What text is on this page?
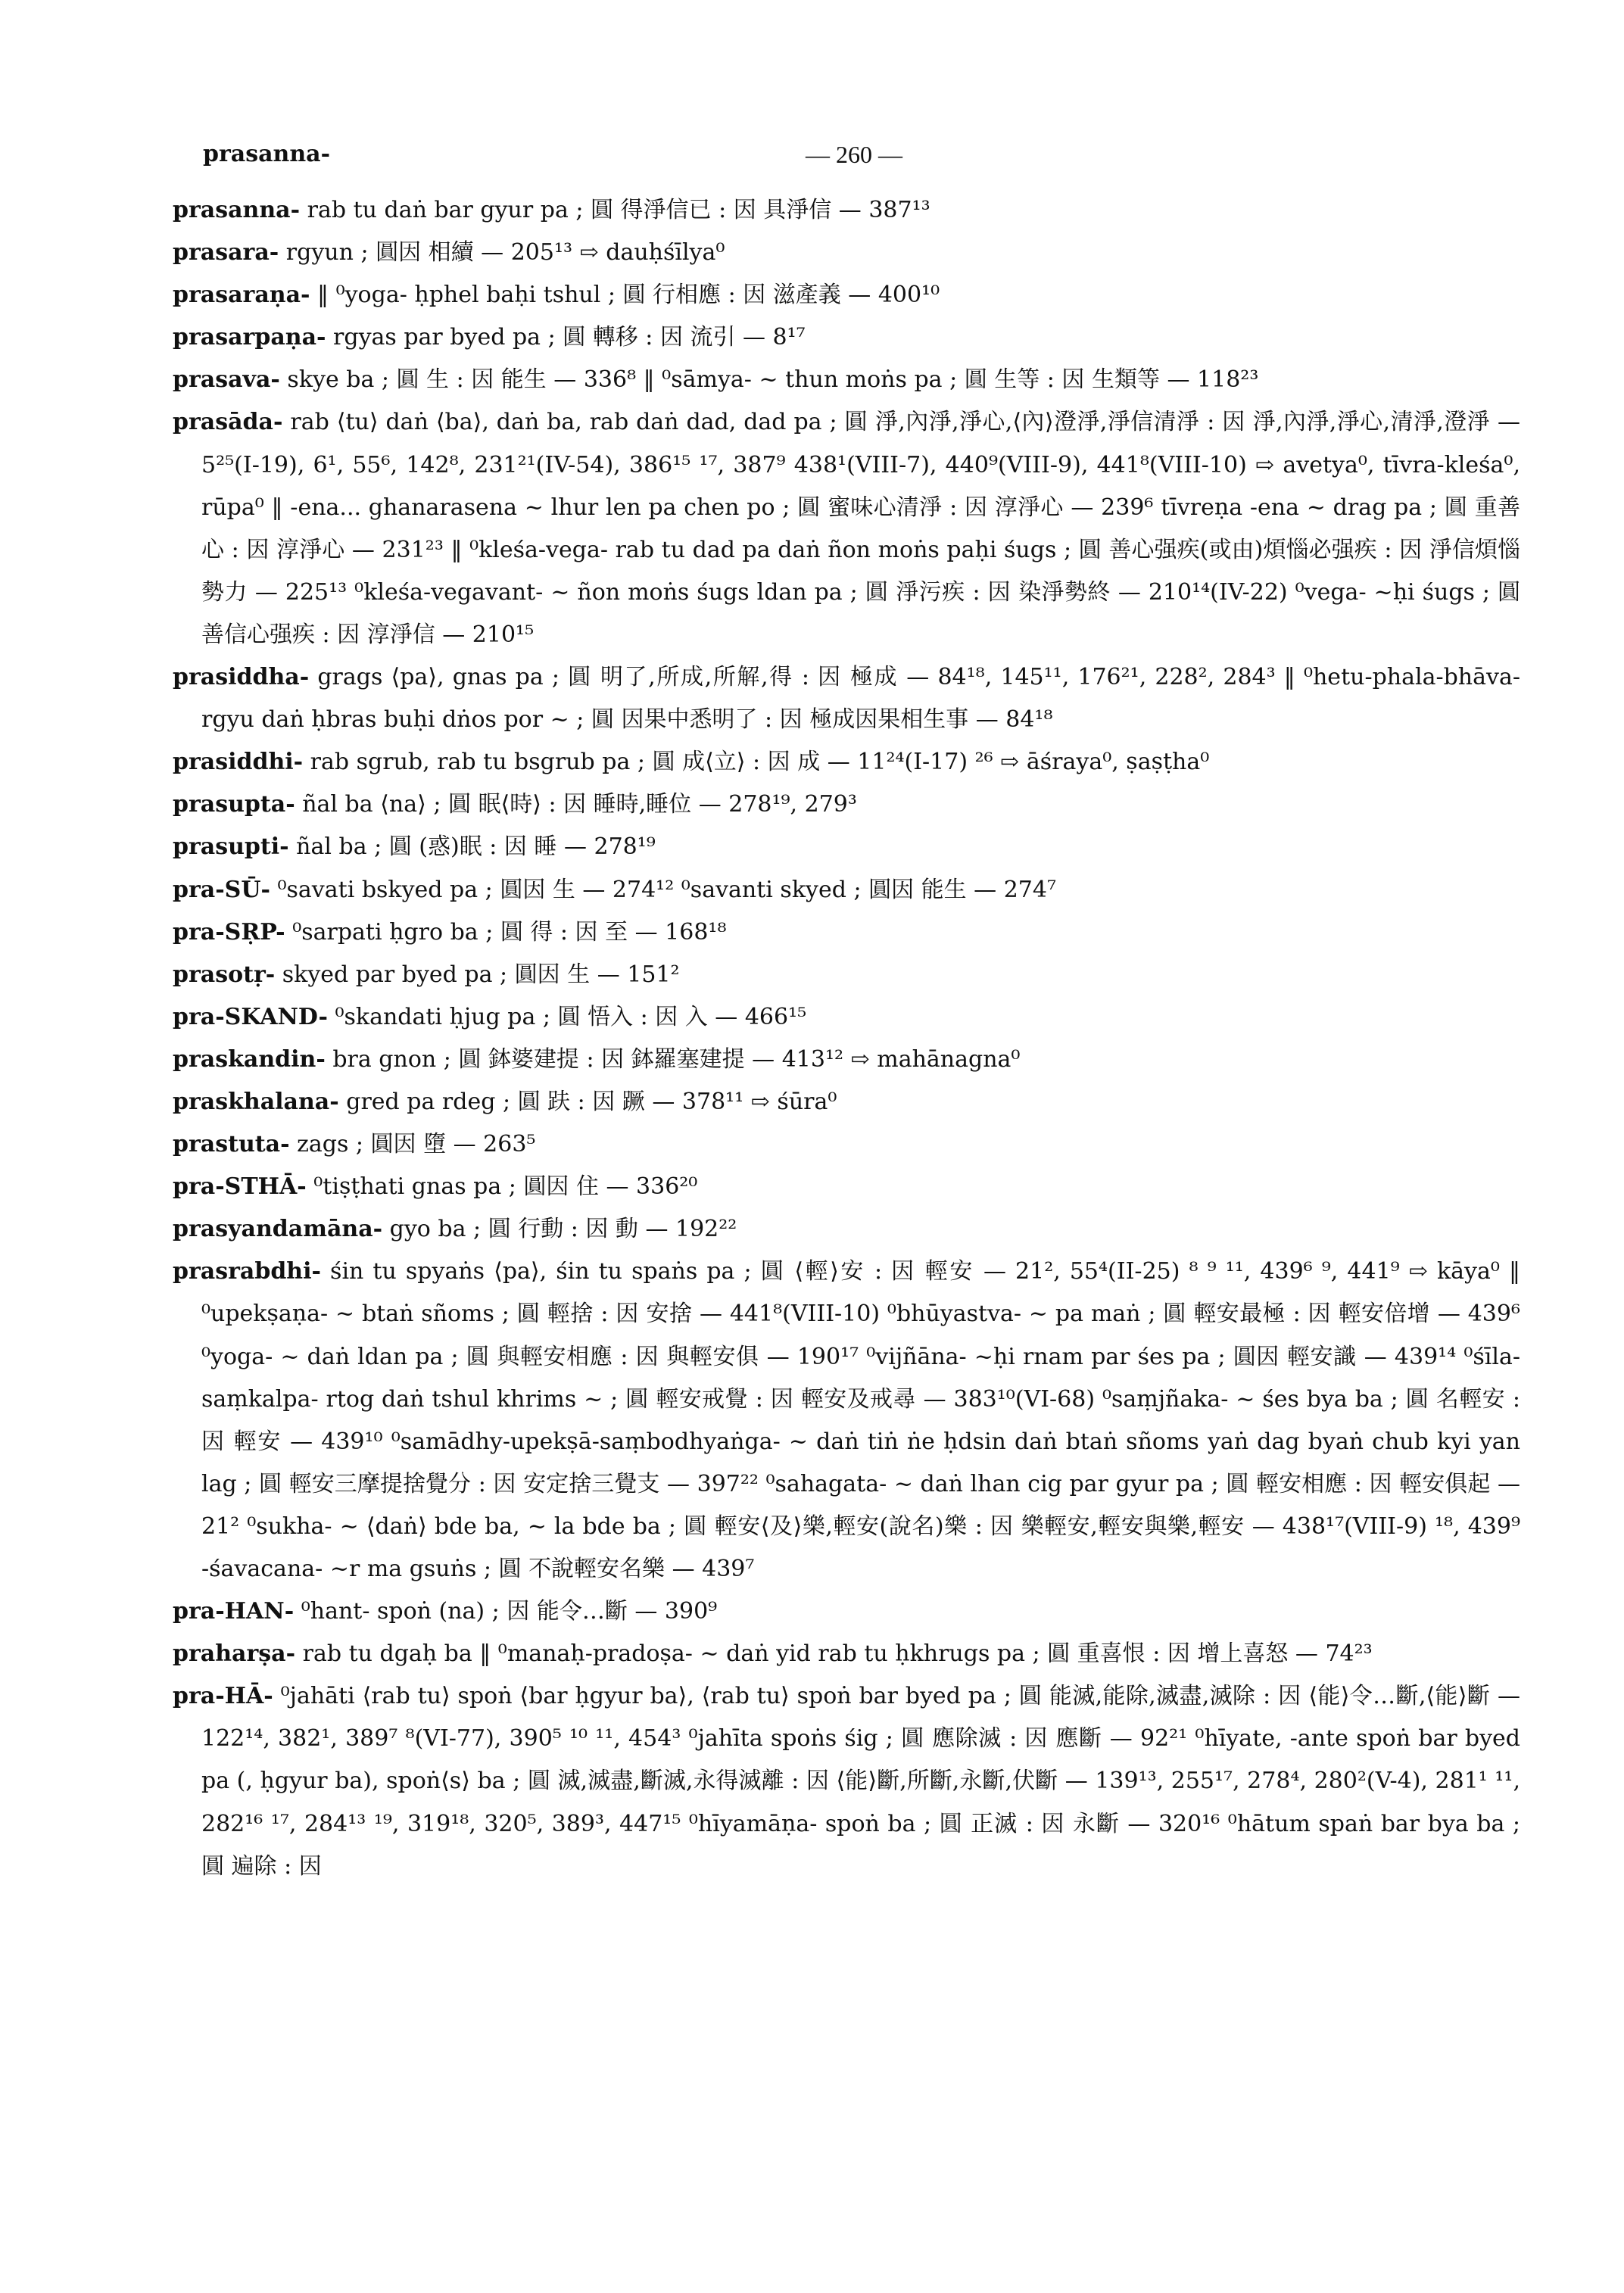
prasanna-	— 260 —

prasanna- rab tu daṅ bar gyur pa ; 圓 得淨信已 : 因 具淨信 — 387¹³

prasara- rgyun ; 圓因 相續 — 205¹³ ⇨ dauḥśīlya⁰

prasaraṇa- ‖ ⁰yoga- ḥphel baḥi tshul ; 圓 行相應 : 因 滋產義 — 400¹⁰

prasarpaṇa- rgyas par byed pa ; 圓 轉移 : 因 流引 — 8¹⁷

prasava- skye ba ; 圓 生 : 因 能生 — 336⁸ ‖ ⁰sāmya- ~ thun moṅs pa ; 圓 生等 : 因 生類等 — 118²³

prasāda- rab ⟨tu⟩ daṅ ⟨ba⟩, daṅ ba, rab daṅ dad, dad pa ; 圓 淨,內淨,淨心,⟨內⟩澄淨,淨信清淨 : 因 淨,內淨,淨心,清淨,澄淨 — 5²⁵(I-19), 6¹, 55⁶, 142⁸, 231²¹(IV-54), 386¹⁵ ¹⁷, 387⁹ 438¹(VIII-7), 440⁹(VIII-9), 441⁸(VIII-10) ⇨ avetya⁰, tīvra-kleśa⁰, rūpa⁰ ‖ -ena... ghanarasena ~ lhur len pa chen po ; 圓 蜜味心清淨 : 因 淳淨心 — 239⁶ tīvreṇa -ena ~ drag pa ; 圓 重善心 : 因 淳淨心 — 231²³ ‖ ⁰kleśa-vega- rab tu dad pa daṅ ñon moṅs paḥi śugs ; 圓 善心强疾(或由)煩惱必强疾 : 因 淨信煩惱勢力 — 225¹³ ⁰kleśa-vegavant- ~ ñon moṅs śugs ldan pa ; 圓 淨污疾 : 因 染淨勢終 — 210¹⁴(IV-22) ⁰vega- ~ḥi śugs ; 圓 善信心强疾 : 因 淳淨信 — 210¹⁵

prasiddha- grags ⟨pa⟩, gnas pa ; 圓 明了,所成,所解,得 : 因 極成 — 84¹⁸, 145¹¹, 176²¹, 228², 284³ ‖ ⁰hetu-phala-bhāva- rgyu daṅ ḥbras buḥi dṅos por ~ ; 圓 因果中悉明了 : 因 極成因果相生事 — 84¹⁸

prasiddhi- rab sgrub, rab tu bsgrub pa ; 圓 成⟨立⟩ : 因 成 — 11²⁴(I-17) ²⁶ ⇨ āśraya⁰, ṣaṣṭha⁰

prasupta- ñal ba ⟨na⟩ ; 圓 眠⟨時⟩ : 因 睡時,睡位 — 278¹⁹, 279³

prasupti- ñal ba ; 圓 (惑)眠 : 因 睡 — 278¹⁹

pra-SŪ- ⁰savati bskyed pa ; 圓因 生 — 274¹² ⁰savanti skyed ; 圓因 能生 — 274⁷

pra-SṚP- ⁰sarpati ḥgro ba ; 圓 得 : 因 至 — 168¹⁸

prasotṛ- skyed par byed pa ; 圓因 生 — 151²

pra-SKAND- ⁰skandati ḥjug pa ; 圓 悟入 : 因 入 — 466¹⁵

praskandin- bra gnon ; 圓 鉢婆建提 : 因 鉢羅塞建提 — 413¹² ⇨ mahānagna⁰

praskhalana- gred pa rdeg ; 圓 趺 : 因 蹶 — 378¹¹ ⇨ śūra⁰

prastuta- zags ; 圓因 墮 — 263⁵

pra-STHĀ- ⁰tiṣṭhati gnas pa ; 圓因 住 — 336²⁰

prasyandamāna- gyo ba ; 圓 行動 : 因 動 — 192²²

prasrabdhi- śin tu spyaṅs ⟨pa⟩, śin tu spaṅs pa ; 圓 ⟨輕⟩安 : 因 輕安 — 21², 55⁴(II-25) ⁸ ⁹ ¹¹, 439⁶ ⁹, 441⁹ ⇨ kāya⁰ ‖ ⁰upekṣaṇa- ~ btaṅ sñoms ; 圓 輕捨 : 因 安捨 — 441⁸(VIII-10) ⁰bhūyastva- ~ pa maṅ ; 圓 輕安最極 : 因 輕安倍增 — 439⁶ ⁰yoga- ~ daṅ ldan pa ; 圓 與輕安相應 : 因 與輕安俱 — 190¹⁷ ⁰vijñāna- ~ḥi rnam par śes pa ; 圓因 輕安識 — 439¹⁴ ⁰śīla-saṃkalpa- rtog daṅ tshul khrims ~ ; 圓 輕安戒覺 : 因 輕安及戒尋 — 383¹⁰(VI-68) ⁰saṃjñaka- ~ śes bya ba ; 圓 名輕安 : 因 輕安 — 439¹⁰ ⁰samādhy-upekṣā-saṃbodhyaṅga- ~ daṅ tiṅ ṅe ḥdsin daṅ btaṅ sñoms yaṅ dag byaṅ chub kyi yan lag ; 圓 輕安三摩提捨覺分 : 因 安定捨三覺支 — 397²² ⁰sahagata- ~ daṅ lhan cig par gyur pa ; 圓 輕安相應 : 因 輕安俱起 — 21² ⁰sukha- ~ ⟨daṅ⟩ bde ba, ~ la bde ba ; 圓 輕安⟨及⟩樂,輕安(說名)樂 : 因 樂輕安,輕安與樂,輕安 — 438¹⁷(VIII-9) ¹⁸, 439⁹ -śavacana- ~r ma gsuṅs ; 圓 不說輕安名樂 — 439⁷

pra-HAN- ⁰hant- spoṅ (na) ; 因 能令…斷 — 390⁹

praharṣa- rab tu dgaḥ ba ‖ ⁰manaḥ-pradoṣa- ~ daṅ yid rab tu ḥkhrugs pa ; 圓 重喜恨 : 因 增上喜怒 — 74²³

pra-HĀ- ⁰jahāti ⟨rab tu⟩ spoṅ ⟨bar ḥgyur ba⟩, ⟨rab tu⟩ spoṅ bar byed pa ; 圓 能滅,能除,滅盡,滅除 : 因 ⟨能⟩令…斷,⟨能⟩斷 — 122¹⁴, 382¹, 389⁷ ⁸(VI-77), 390⁵ ¹⁰ ¹¹, 454³ ⁰jahīta spoṅs śig ; 圓 應除滅 : 因 應斷 — 92²¹ ⁰hīyate, -ante spoṅ bar byed pa (, ḥgyur ba), spoṅ⟨s⟩ ba ; 圓 滅,滅盡,斷滅,永得滅離 : 因 ⟨能⟩斷,所斷,永斷,伏斷 — 139¹³, 255¹⁷, 278⁴, 280²(V-4), 281¹ ¹¹, 282¹⁶ ¹⁷, 284¹³ ¹⁹, 319¹⁸, 320⁵, 389³, 447¹⁵ ⁰hīyamāṇa- spoṅ ba ; 圓 正滅 : 因 永斷 — 320¹⁶ ⁰hātum spaṅ bar bya ba ; 圓 遍除 : 因
